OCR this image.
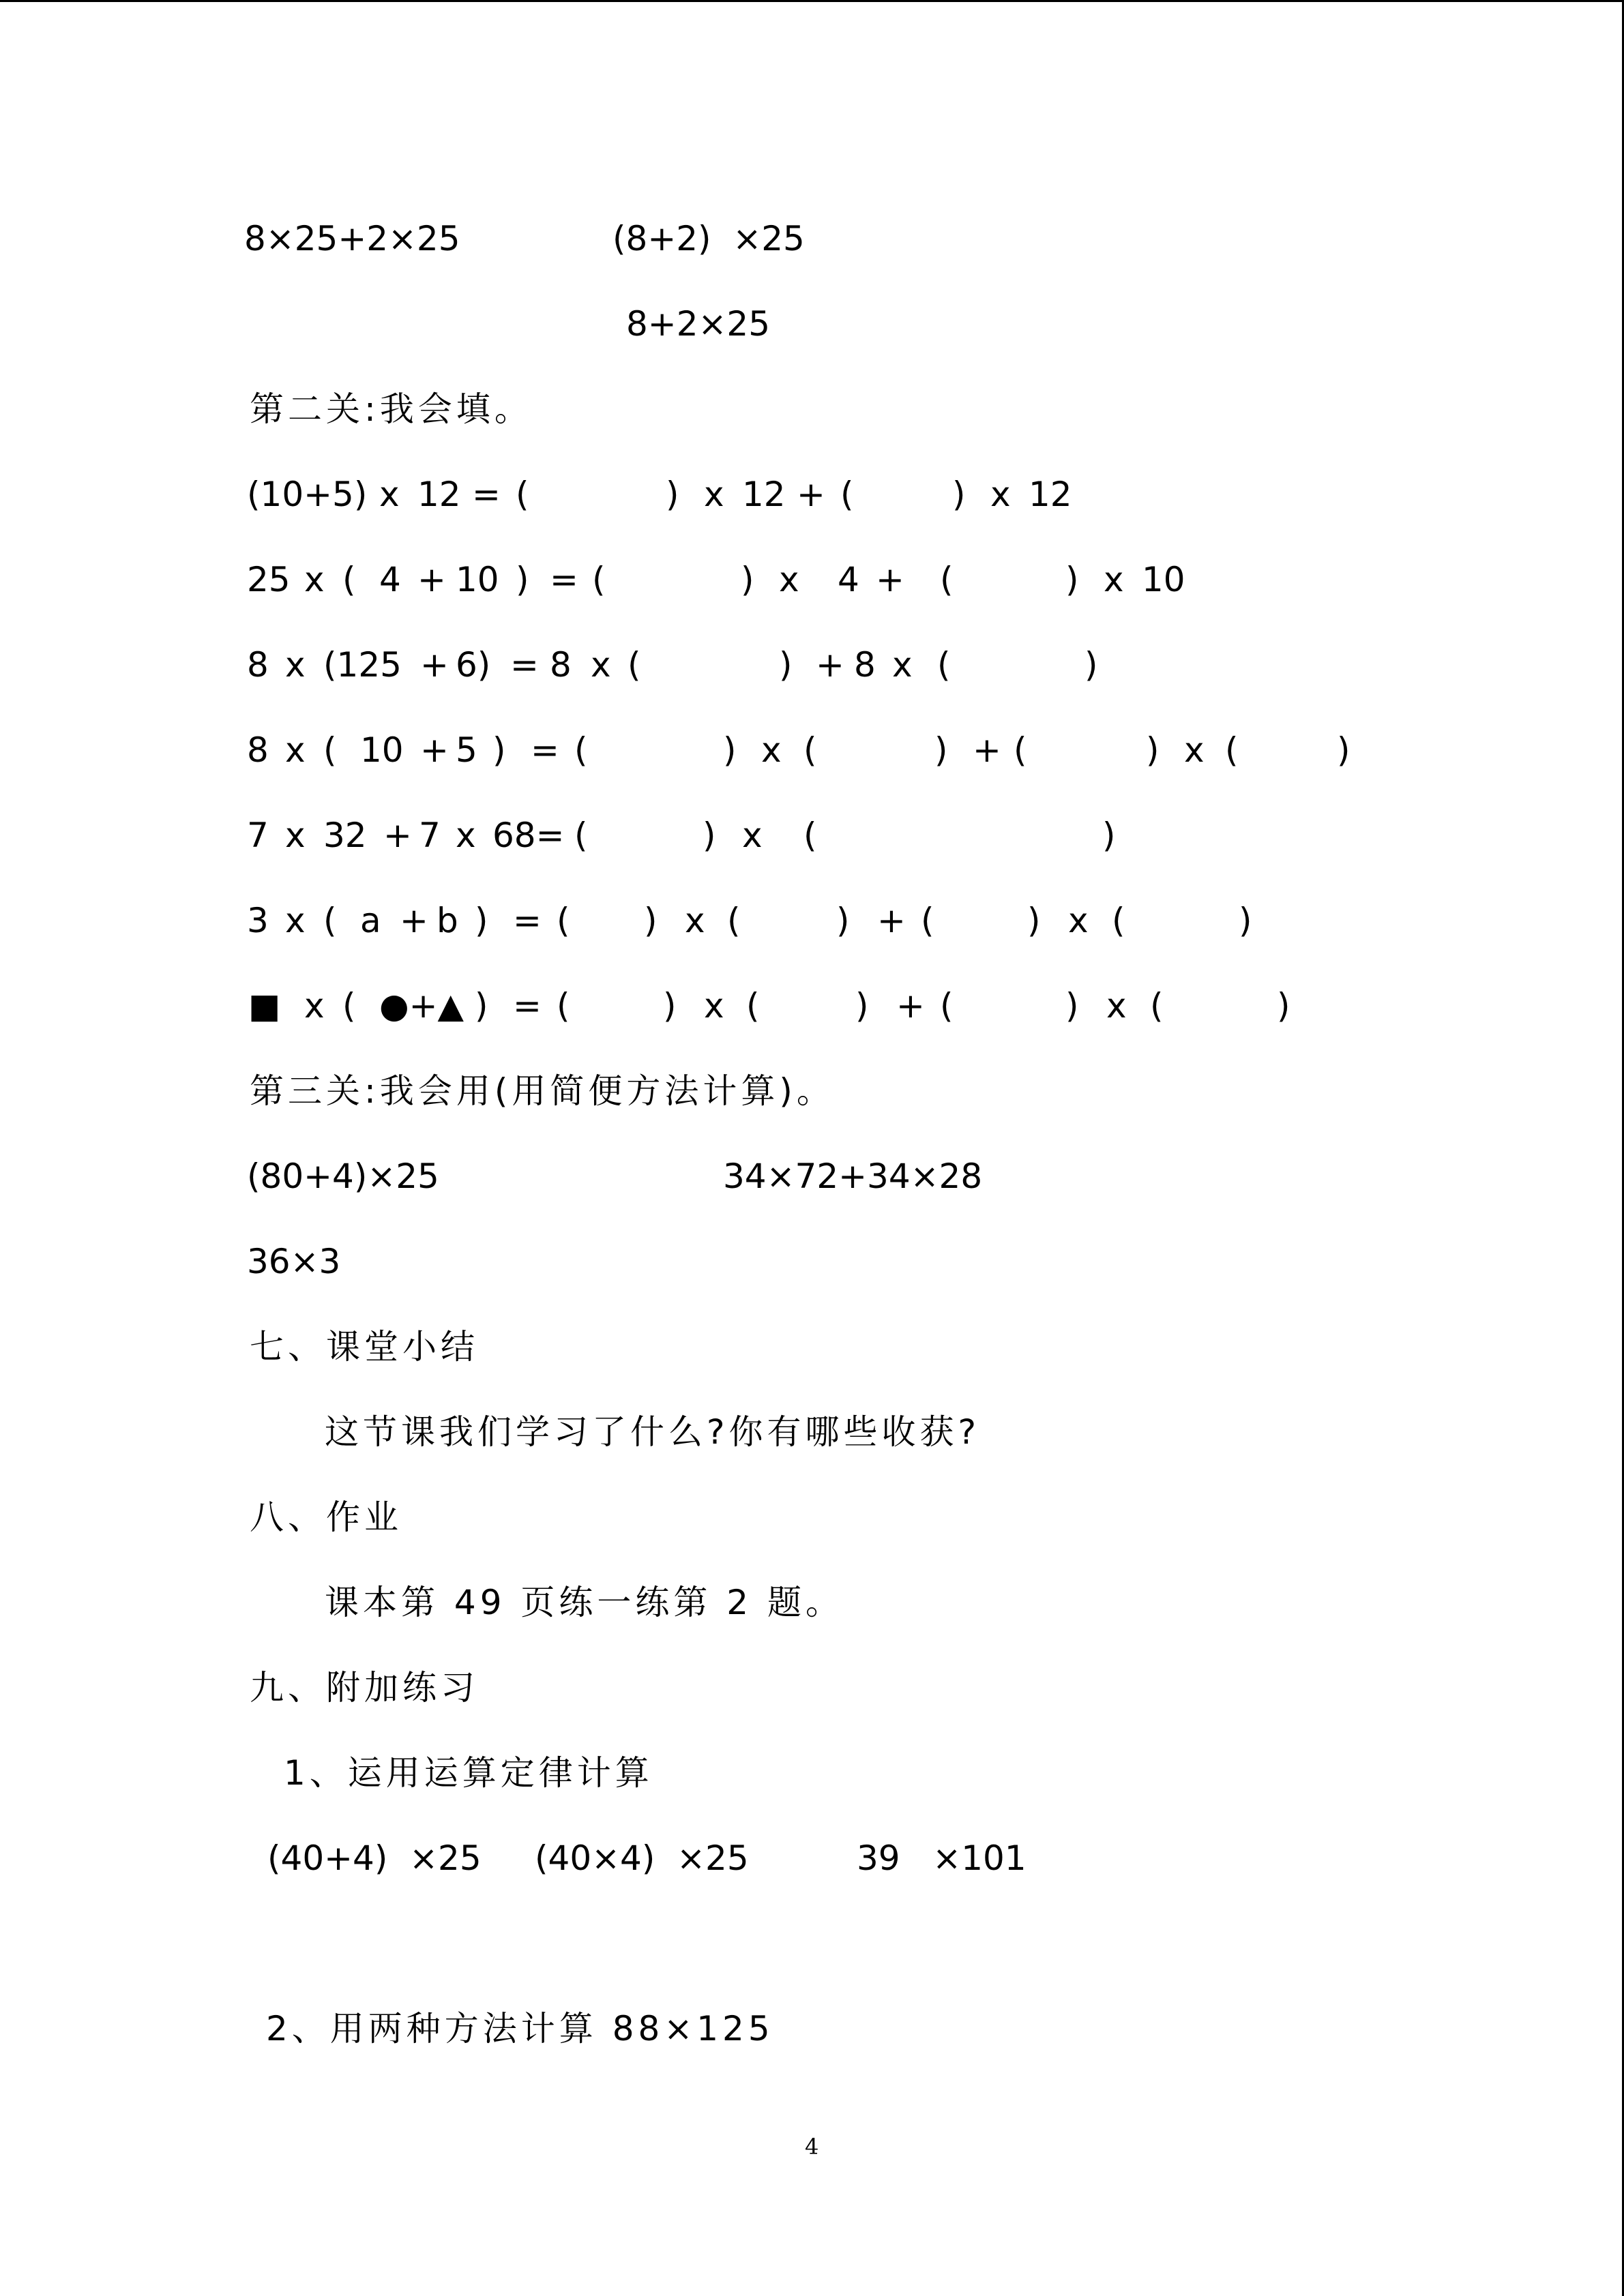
8×25+2×25	(8+2)  ×25
8+2×25
第二关:我会填。
(10+5) x 12 = (	) x 12 + (	) x 12
25 x ( 4 + 10 ) = (	) x 4 + (	) x 10
8 x (125 + 6) = 8 x (	) + 8 x (	)
8 x ( 10 + 5 ) = (	) x (	) + (	) x (	)
7 x 32 + 7 x 68= (	) x (	)
3 x ( a + b ) = ( ) x (	) + (	) x (	)
■ x ( ●+▲ ) = (	) x (	) + (	) x (	)
第三关:我会用(用简便方法计算)。
(80+4)×25	34×72+34×28
36×3
七、课堂小结
这节课我们学习了什么?你有哪些收获?
八、作业
课本第 49 页练一练第 2 题。
九、附加练习
1、运用运算定律计算
(40+4)  ×25 (40×4)  ×25	39   ×101
2、用两种方法计算 88×125
4
